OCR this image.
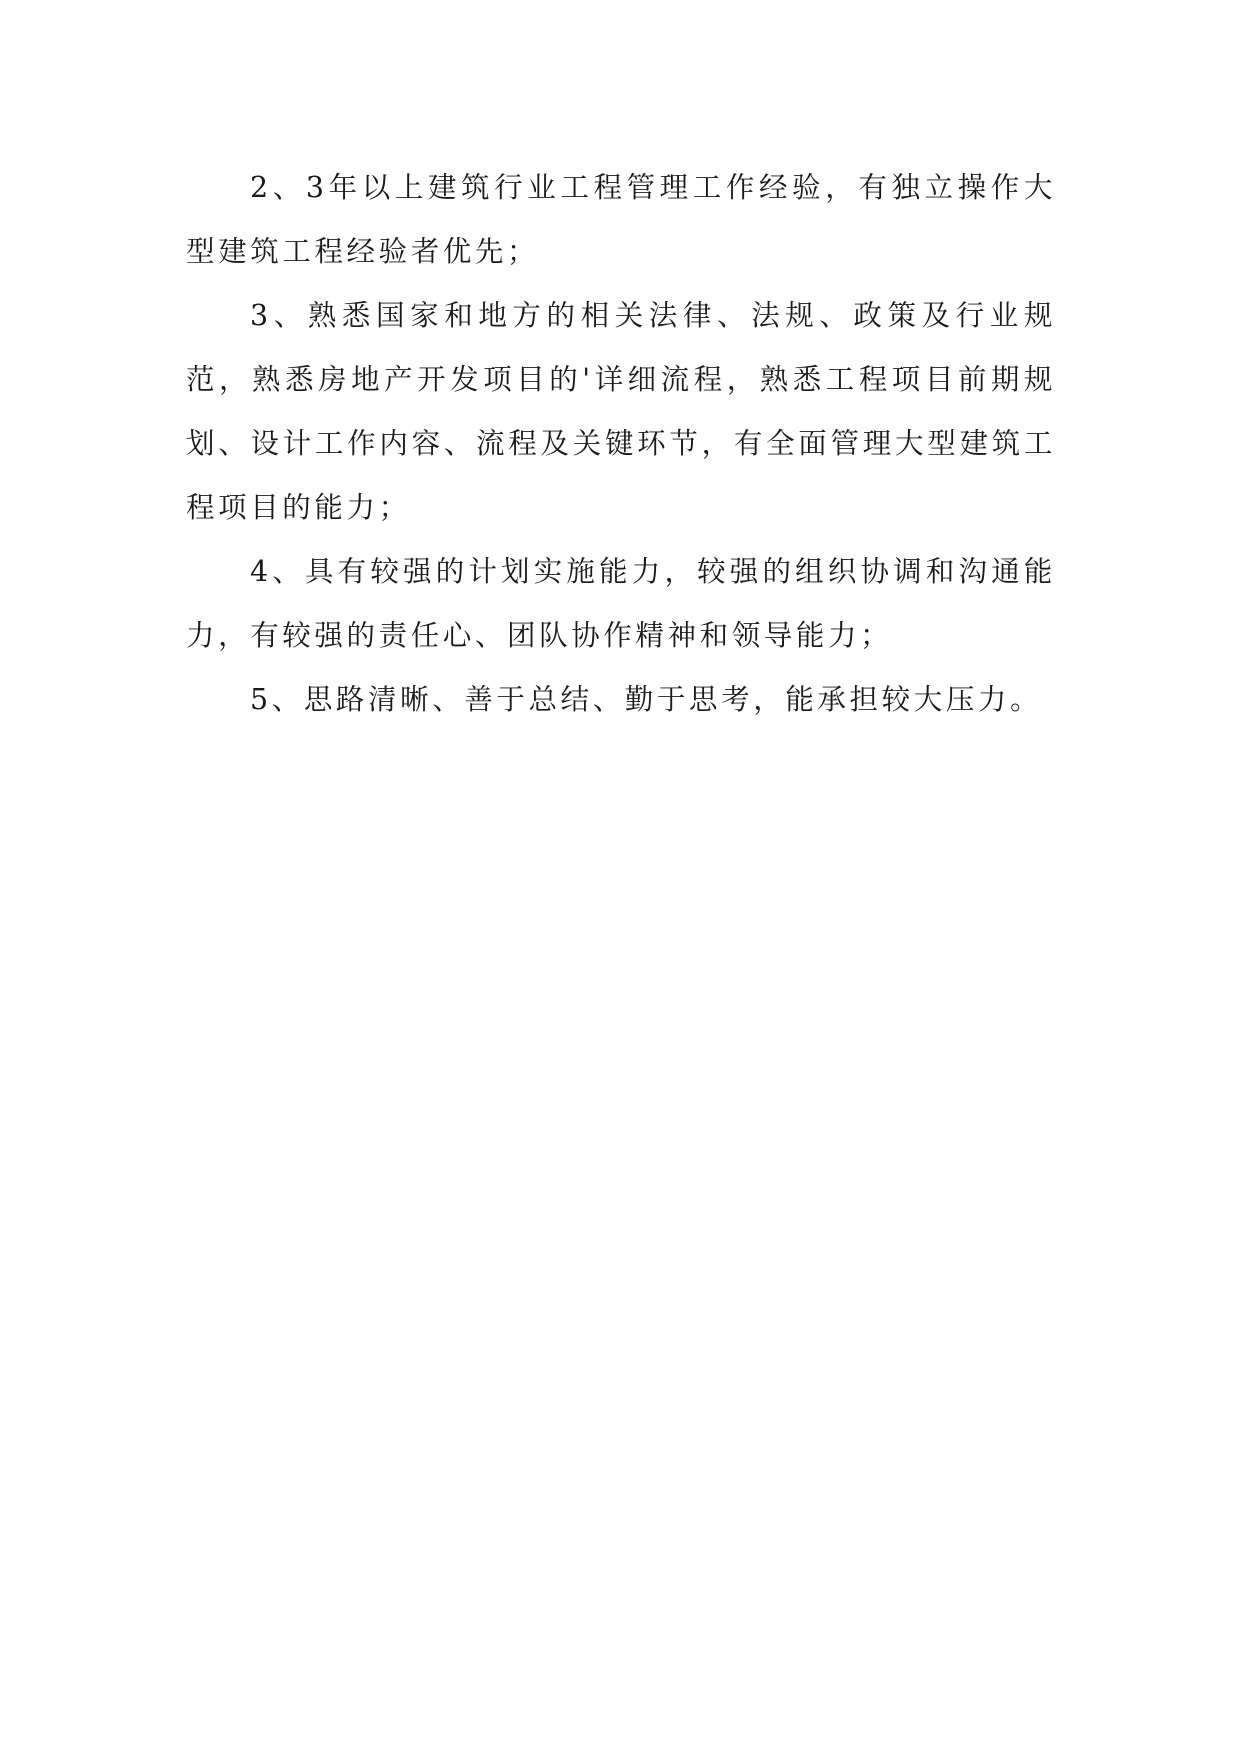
2、3年以上建筑行业工程管理工作经验，有独立操作大型建筑工程经验者优先；

3、熟悉国家和地方的相关法律、法规、政策及行业规范，熟悉房地产开发项目的'详细流程，熟悉工程项目前期规划、设计工作内容、流程及关键环节，有全面管理大型建筑工程项目的能力；

4、具有较强的计划实施能力，较强的组织协调和沟通能力，有较强的责任心、团队协作精神和领导能力；

5、思路清晰、善于总结、勤于思考，能承担较大压力。
